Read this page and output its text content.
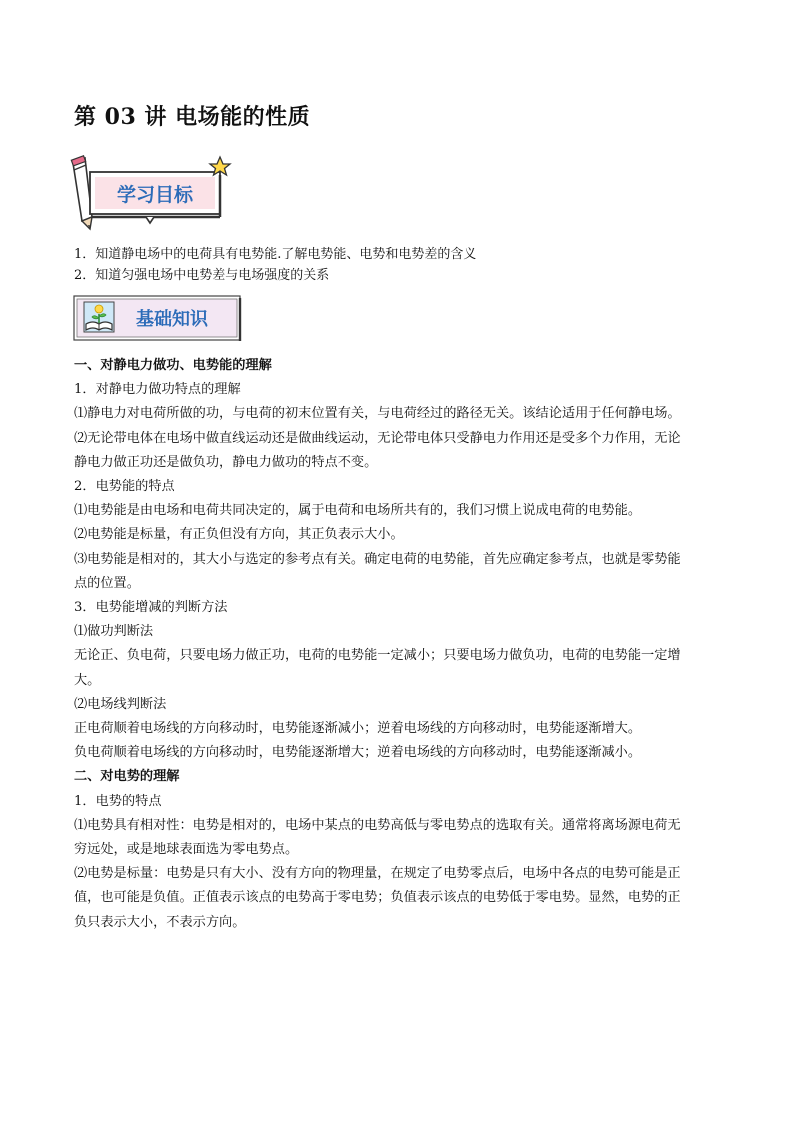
第 03 讲 电场能的性质
学习目标
基础知识
1．知道静电场中的电荷具有电势能.了解电势能、电势和电势差的含义
2．知道匀强电场中电势差与电场强度的关系

一、对静电力做功、电势能的理解

1．对静电力做功特点的理解

⑴静电力对电荷所做的功，与电荷的初末位置有关，与电荷经过的路径无关。该结论适用于任何静电场。

⑵无论带电体在电场中做直线运动还是做曲线运动，无论带电体只受静电力作用还是受多个力作用，无论

静电力做正功还是做负功，静电力做功的特点不变。

2．电势能的特点

⑴电势能是由电场和电荷共同决定的，属于电荷和电场所共有的，我们习惯上说成电荷的电势能。

⑵电势能是标量，有正负但没有方向，其正负表示大小。

⑶电势能是相对的，其大小与选定的参考点有关。确定电荷的电势能，首先应确定参考点，也就是零势能

点的位置。

3．电势能增减的判断方法

⑴做功判断法

无论正、负电荷，只要电场力做正功，电荷的电势能一定减小；只要电场力做负功，电荷的电势能一定增

大。

⑵电场线判断法

正电荷顺着电场线的方向移动时，电势能逐渐减小；逆着电场线的方向移动时，电势能逐渐增大。

负电荷顺着电场线的方向移动时，电势能逐渐增大；逆着电场线的方向移动时，电势能逐渐减小。

二、对电势的理解

1．电势的特点

⑴电势具有相对性：电势是相对的，电场中某点的电势高低与零电势点的选取有关。通常将离场源电荷无

穷远处，或是地球表面选为零电势点。

⑵电势是标量：电势是只有大小、没有方向的物理量，在规定了电势零点后，电场中各点的电势可能是正

值，也可能是负值。正值表示该点的电势高于零电势；负值表示该点的电势低于零电势。显然，电势的正

负只表示大小，不表示方向。
